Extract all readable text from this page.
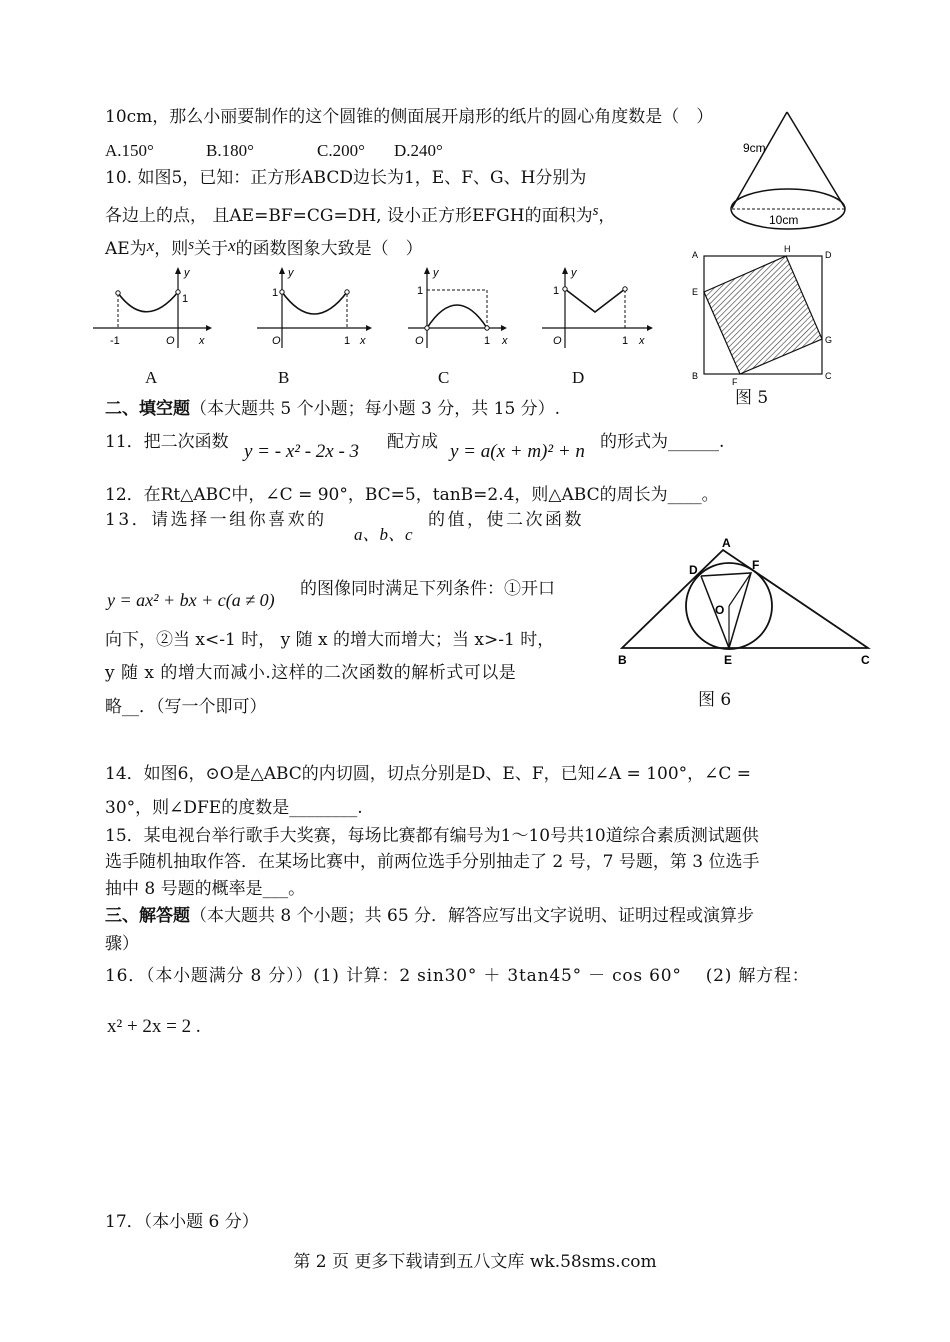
10cm，那么小丽要制作的这个圆锥的侧面展开扇形的纸片的圆心角度数是（　）
A.150°	B.180°	C.200° D.240°	9cm
10cm
10. 如图5，已知：正方形ABCD边长为1，E、F、G、H分别为
各边上的点， 且AE=BF=CG=DH, 设小正方形EFGH的面积为s，
AE为x，则s关于x的函数图象大致是（　）
y
1
-1	O x
y
1
O	1 x
y
1
O	1 x
y
1
O	1 x
A	B	C	D
A
H
D
E
G
B
F
C
图 5
二、填空题（本大题共 5 个小题；每小题 3 分，共 15 分）.
11．把二次函数 y = - x² - 2x - 3 配方成 y = a(x + m)² + n 的形式为______.
12．在Rt△ABC中，∠C = 90°，BC=5，tanB=2.4，则△ABC的周长为____。
13．请选择一组你喜欢的
a、b、c
的值，使二次函数
y = ax² + bx + c(a ≠ 0)
的图像同时满足下列条件：①开口
向下，②当 x<-1 时， y 随 x 的增大而增大；当 x>-1 时，
y 随 x 的增大而减小.这样的二次函数的解析式可以是
略__．（写一个即可）
A
D	F
O
B	E	C
图 6
14．如图6，⊙O是△ABC的内切圆，切点分别是D、E、F，已知∠A = 100°，∠C =
30°，则∠DFE的度数是________.
15．某电视台举行歌手大奖赛，每场比赛都有编号为1～10号共10道综合素质测试题供
选手随机抽取作答．在某场比赛中，前两位选手分别抽走了 2 号，7 号题，第 3 位选手
抽中 8 号题的概率是___。
三、解答题（本大题共 8 个小题；共 65 分．解答应写出文字说明、证明过程或演算步
骤）
16．（本小题满分 8 分））(1) 计算：2 sin30° ＋ 3tan45° － cos 60°　 (2) 解方程：
x² + 2x = 2 .
17．（本小题 6 分）
第 2 页 更多下载请到五八文库 wk.58sms.com
